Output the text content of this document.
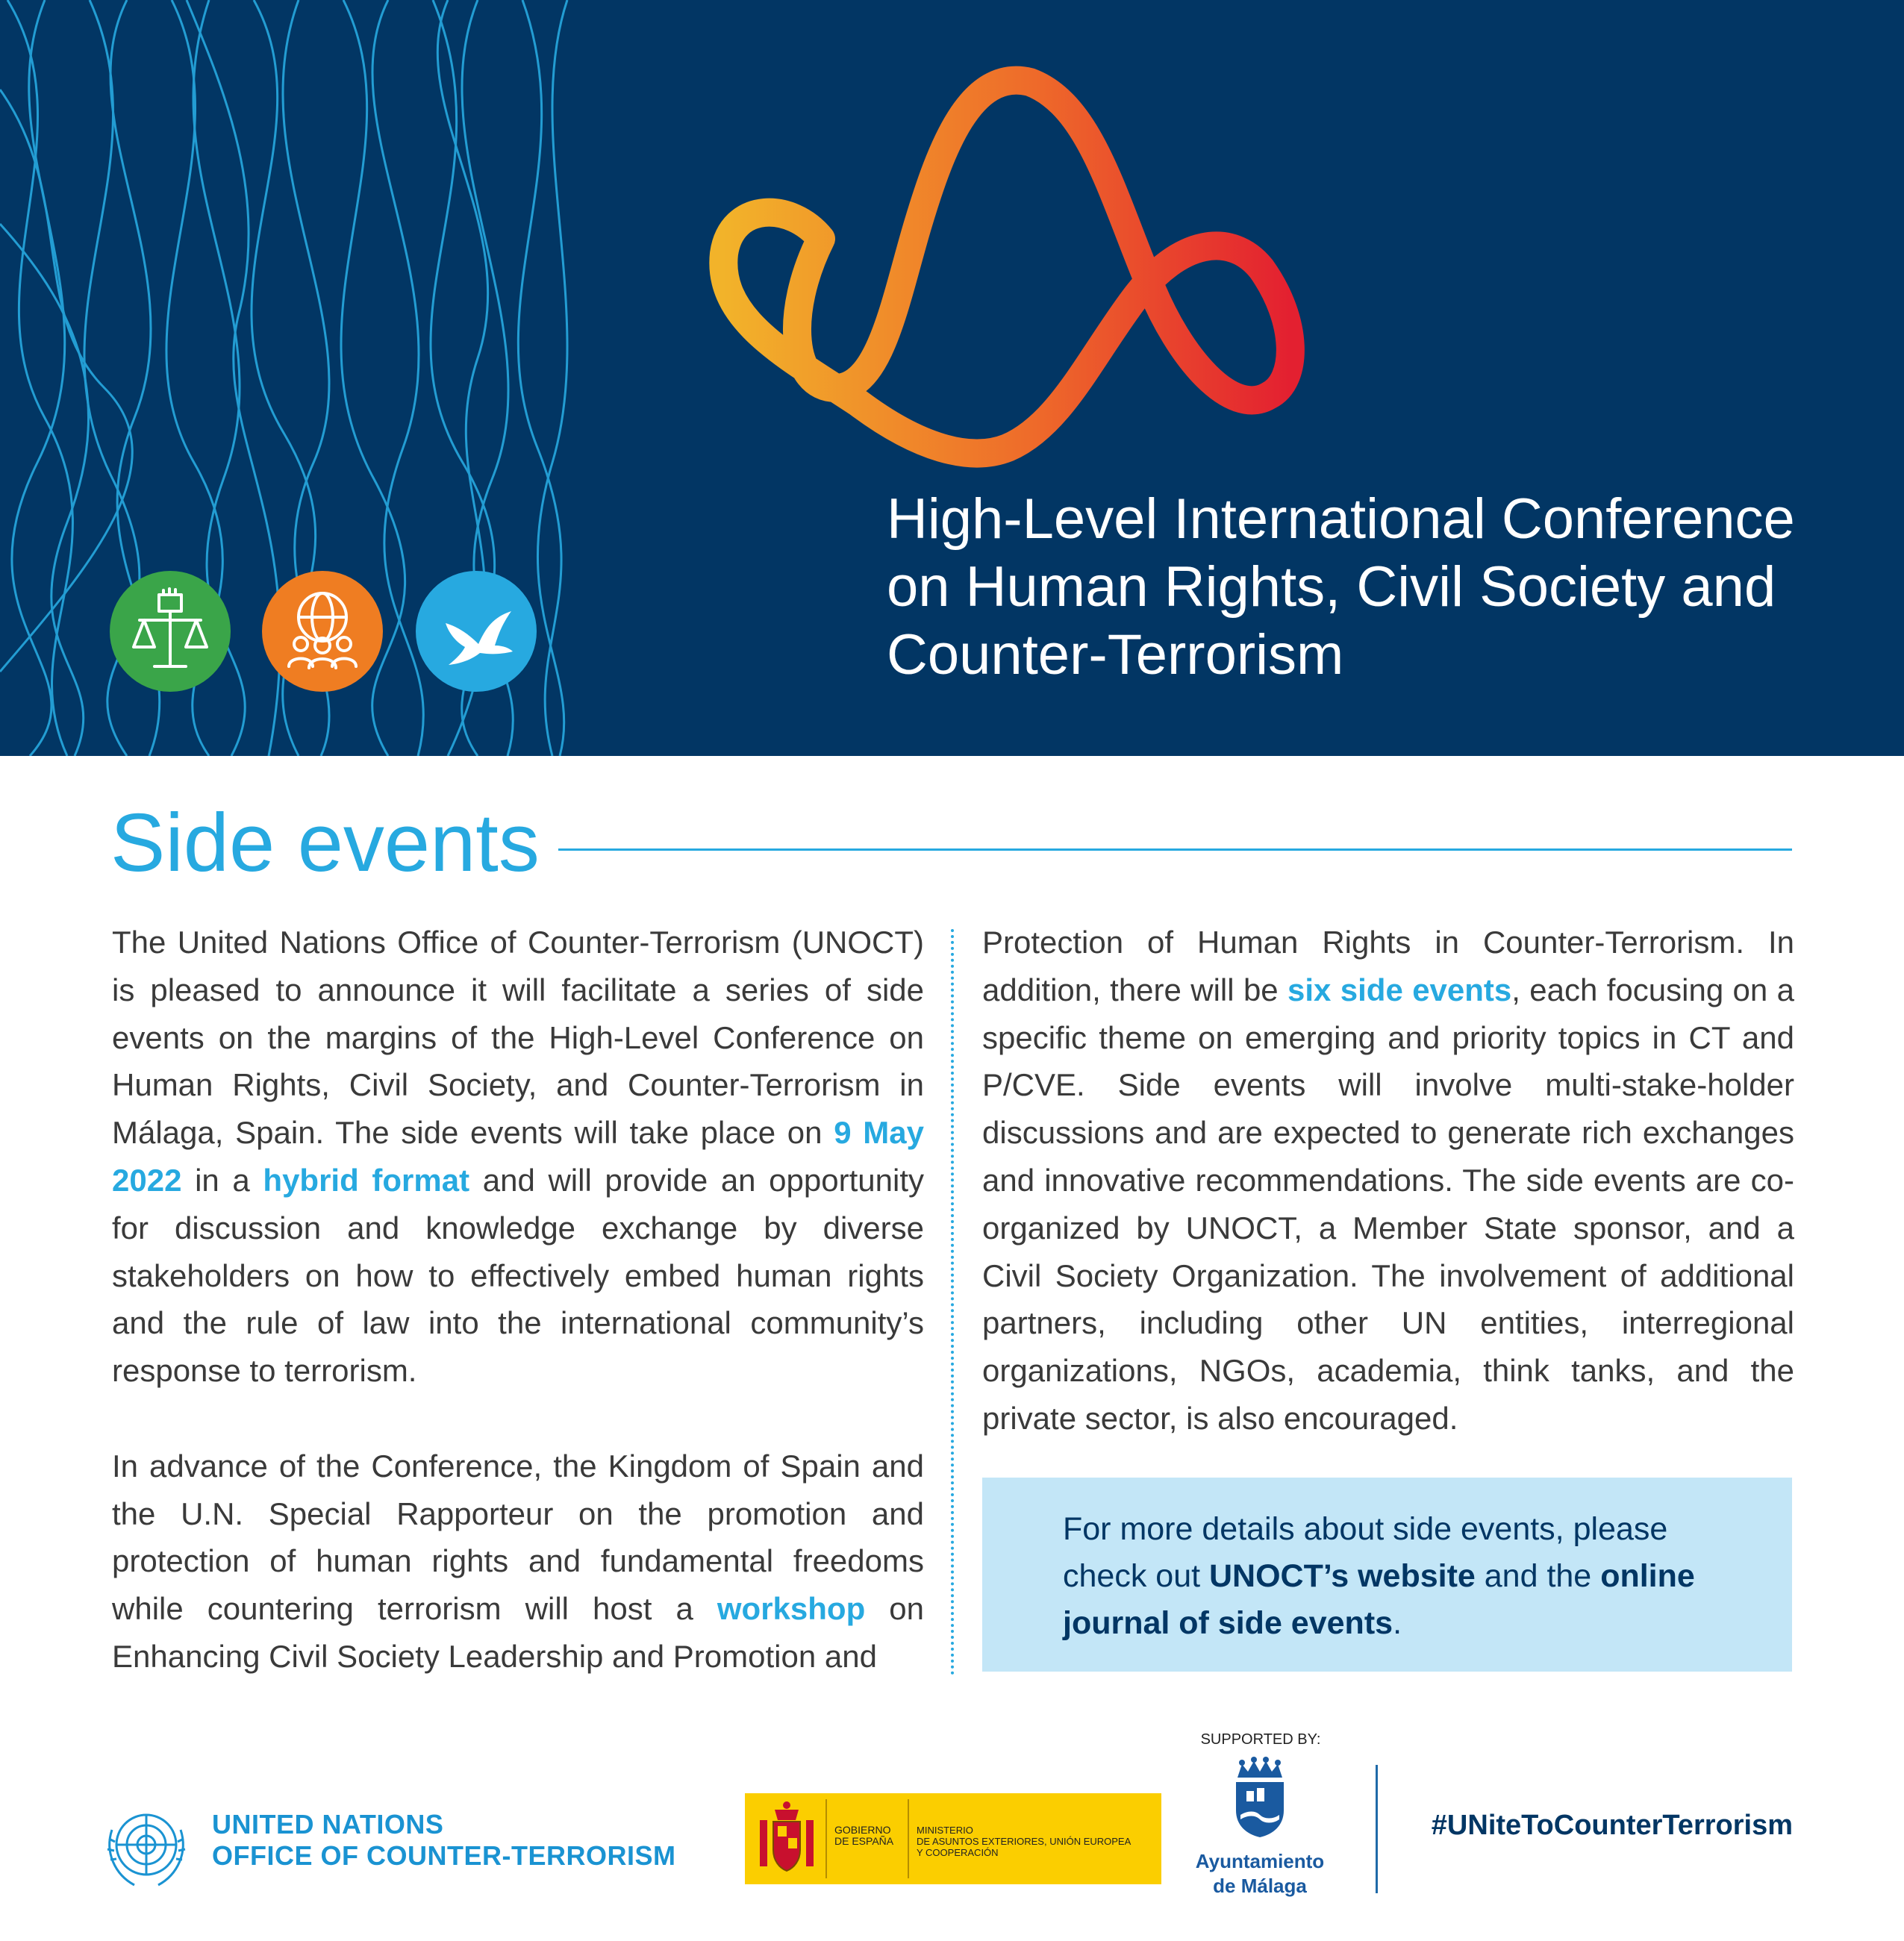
High-Level International Conference
on Human Rights, Civil Society and
Counter-Terrorism
Side events

The United Nations Office of Counter-Terrorism (UNOCT) is pleased to announce it will facilitate a series of side events on the margins of the High-Level Conference on Human Rights, Civil Society, and Counter-Terrorism in Málaga, Spain. The side events will take place on 9 May 2022 in a hybrid format and will provide an opportunity for discussion and knowledge exchange by diverse stakeholders on how to effectively embed human rights and the rule of law into the international community’s response to terrorism.

In advance of the Conference, the Kingdom of Spain and the U.N. Special Rapporteur on the promotion and protection of human rights and fundamental freedoms while countering terrorism will host a workshop on Enhancing Civil Society Leadership and Promotion and

Protection of Human Rights in Counter-Terrorism. In addition, there will be six side events, each focusing on a specific theme on emerging and priority topics in CT and P/CVE. Side events will involve multi-stake-holder discussions and are expected to generate rich exchanges and innovative recommendations. The side events are co-organized by UNOCT, a Member State sponsor, and a Civil Society Organization. The involvement of additional partners, including other UN entities, interregional organizations, NGOs, academia, think tanks, and the private sector, is also encouraged.

For more details about side events, please check out UNOCT’s website and the online journal of side events.
UNITED NATIONS
OFFICE OF COUNTER-TERRORISM
GOBIERNO
DE ESPAÑA
MINISTERIO
DE ASUNTOS EXTERIORES, UNIÓN EUROPEA
Y COOPERACIÓN
SUPPORTED BY:
Ayuntamiento
de Málaga
#UNiteToCounterTerrorism
